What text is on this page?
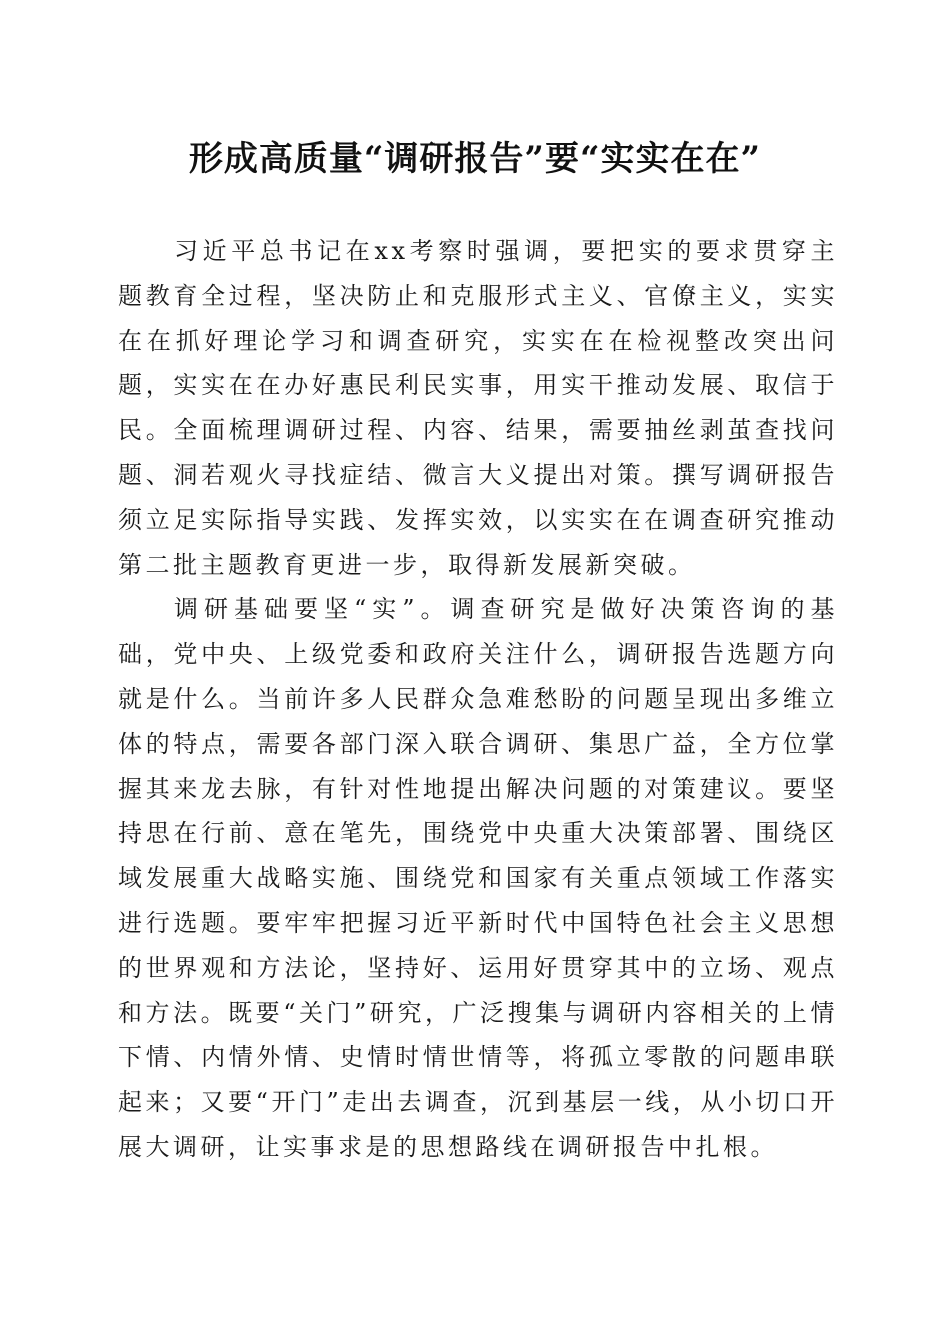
形成高质量“调研报告”要“实实在在”

习近平总书记在xx考察时强调，要把实的要求贯穿主题教育全过程，坚决防止和克服形式主义、官僚主义，实实在在抓好理论学习和调查研究，实实在在检视整改突出问题，实实在在办好惠民利民实事，用实干推动发展、取信于民。全面梳理调研过程、内容、结果，需要抽丝剥茧查找问题、洞若观火寻找症结、微言大义提出对策。撰写调研报告须立足实际指导实践、发挥实效，以实实在在调查研究推动第二批主题教育更进一步，取得新发展新突破。

调研基础要坚“实”。调查研究是做好决策咨询的基础，党中央、上级党委和政府关注什么，调研报告选题方向就是什么。当前许多人民群众急难愁盼的问题呈现出多维立体的特点，需要各部门深入联合调研、集思广益，全方位掌握其来龙去脉，有针对性地提出解决问题的对策建议。要坚持思在行前、意在笔先，围绕党中央重大决策部署、围绕区域发展重大战略实施、围绕党和国家有关重点领域工作落实进行选题。要牢牢把握习近平新时代中国特色社会主义思想的世界观和方法论，坚持好、运用好贯穿其中的立场、观点和方法。既要“关门”研究，广泛搜集与调研内容相关的上情下情、内情外情、史情时情世情等，将孤立零散的问题串联起来；又要“开门”走出去调查，沉到基层一线，从小切口开展大调研，让实事求是的思想路线在调研报告中扎根。
